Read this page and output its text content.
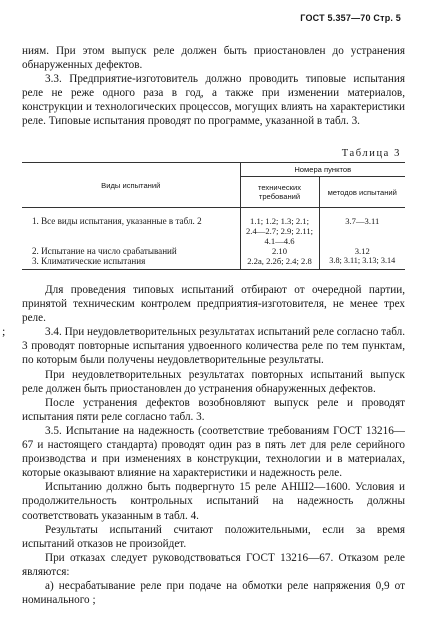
ГОСТ 5.357—70 Стр. 5

ниям. При этом выпуск реле должен быть приостановлен до устранения обнаруженных дефектов.

3.3. Предприятие-изготовитель должно проводить типовые испытания реле не реже одного раза в год, а также при изменении материалов, конструкции и технологических процессов, могущих влиять на характеристики реле. Типовые испытания проводят по программе, указанной в табл. 3.

Таблица 3
Виды испытаний	Номера пунктов	
	технических
требований	методов испытаний
1. Все виды испытания, указанные в табл. 2	1.1; 1.2; 1.3; 2.1;
2.4—2.7; 2.9; 2.11;
4.1—4.6	3.7—3.11
2. Испытание на число срабатываний	2.10	3.12
3. Климатические испытания	2.2а, 2.2б; 2.4; 2.8	3.8; 3.11; 3.13; 3.14
;

Для проведения типовых испытаний отбирают от очередной партии, принятой техническим контролем предприятия-изготовителя, не менее трех реле.

3.4. При неудовлетворительных результатах испытаний реле согласно табл. 3 проводят повторные испытания удвоенного количества реле по тем пунктам, по которым были получены неудовлетворительные результаты.

При неудовлетворительных результатах повторных испытаний выпуск реле должен быть приостановлен до устранения обнаруженных дефектов.

После устранения дефектов возобновляют выпуск реле и проводят испытания пяти реле согласно табл. 3.

3.5. Испытание на надежность (соответствие требованиям ГОСТ 13216—67 и настоящего стандарта) проводят один раз в пять лет для реле серийного производства и при изменениях в конструкции, технологии и в материалах, которые оказывают влияние на характеристики и надежность реле.

Испытанию должно быть подвергнуто 15 реле АНШ2—1600. Условия и продолжительность контрольных испытаний на надежность должны соответствовать указанным в табл. 4.

Результаты испытаний считают положительными, если за время испытаний отказов не произойдет.

При отказах следует руководствоваться ГОСТ 13216—67. Отказом реле являются:

а) несрабатывание реле при подаче на обмотки реле напряжения 0,9 от номинального ;
